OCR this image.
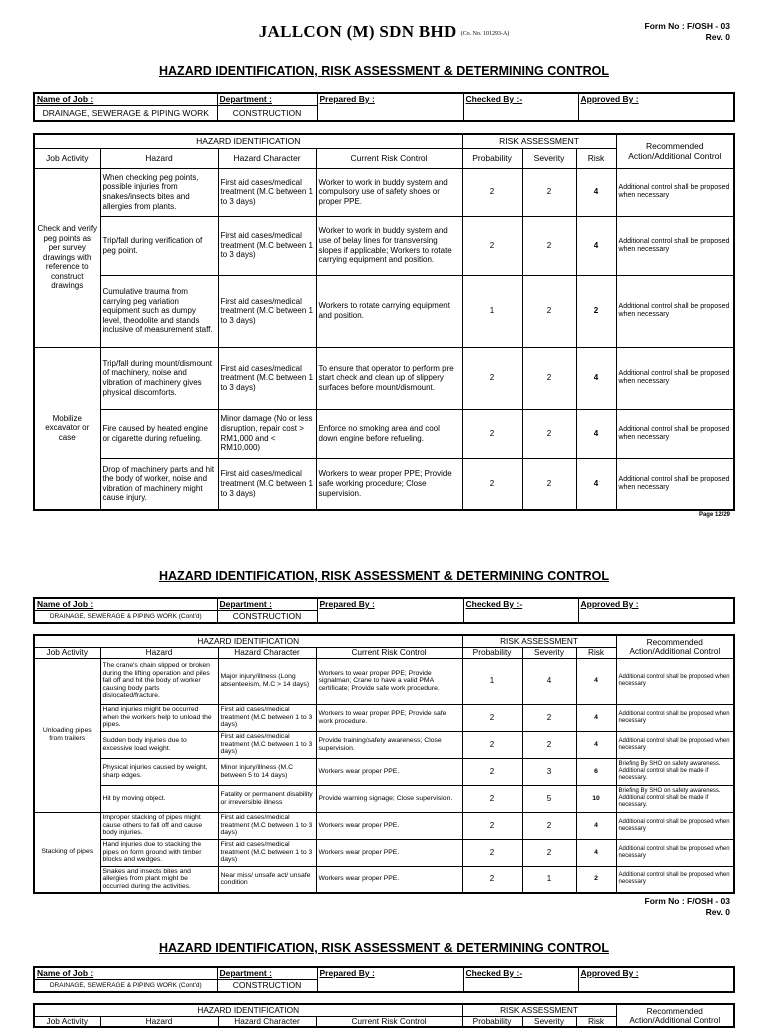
JALLCON (M) SDN BHD (Co. No. 101293-A)
Form No : F/OSH - 03
Rev. 0
HAZARD IDENTIFICATION, RISK ASSESSMENT & DETERMINING CONTROL
Name of Job :	Department :	Prepared By :	Checked By :-	Approved By :
DRAINAGE, SEWERAGE & PIPING WORK	CONSTRUCTION			
HAZARD IDENTIFICATION				RISK ASSESSMENT			Recommended Action/Additional Control
Job Activity	Hazard	Hazard Character	Current Risk Control	Probability	Severity	Risk	
Check and verify peg points as per survey drawings with reference to construct drawings	When checking peg points, possible injuries from snakes/insects bites and allergies from plants.	First aid cases/medical treatment (M.C between 1 to 3 days)	Worker to work in buddy system and compulsory use of safety shoes or proper PPE.	2	2	4	Additional control shall be proposed when necessary
	Trip/fall during verification of peg point.	First aid cases/medical treatment (M.C between 1 to 3 days)	Worker to work in buddy system and use of belay lines for transversing slopes if applicable; Workers to rotate carrying equipment and position.	2	2	4	Additional control shall be proposed when necessary
	Cumulative trauma from carrying peg variation equipment such as dumpy level, theodolite and stands inclusive of measurement staff.	First aid cases/medical treatment (M.C between 1 to 3 days)	Workers to rotate carrying equipment and position.	1	2	2	Additional control shall be proposed when necessary
Mobilize excavator or case	Trip/fall during mount/dismount of machinery, noise and vibration of machinery gives physical discomforts.	First aid cases/medical treatment (M.C between 1 to 3 days)	To ensure that operator to perform pre start check and clean up of slippery surfaces before mount/dismount.	2	2	4	Additional control shall be proposed when necessary
	Fire caused by heated engine or cigarette during refueling.	Minor damage (No or less disruption, repair cost > RM1,000 and < RM10,000)	Enforce no smoking area and cool down engine before refueling.	2	2	4	Additional control shall be proposed when necessary
	Drop of machinery parts and hit the body of worker, noise and vibration of machinery might cause injury.	First aid cases/medical treatment (M.C between 1 to 3 days)	Workers to wear proper PPE; Provide safe working procedure; Close supervision.	2	2	4	Additional control shall be proposed when necessary
Page 12/29
HAZARD IDENTIFICATION, RISK ASSESSMENT & DETERMINING CONTROL
Name of Job :	Department :	Prepared By :	Checked By :-	Approved By :
DRAINAGE, SEWERAGE & PIPING WORK (Cont'd)	CONSTRUCTION			
HAZARD IDENTIFICATION				RISK ASSESSMENT			Recommended Action/Additional Control
Job Activity	Hazard	Hazard Character	Current Risk Control	Probability	Severity	Risk	
Unloading pipes from trailers	The crane's chain slipped or broken during the lifting operation and piles fall off and hit the body of worker causing body parts dislocated/fracture.	Major injury/illness (Long absenteeism, M.C > 14 days)	Workers to wear proper PPE; Provide signalman; Crane to have a valid PMA certificate; Provide safe work procedure.	1	4	4	Additional control shall be proposed when necessary
	Hand injuries might be occurred when the workers help to unload the pipes.	First aid cases/medical treatment (M.C between 1 to 3 days)	Workers to wear proper PPE; Provide safe work procedure.	2	2	4	Additional control shall be proposed when necessary
	Sudden body injuries due to excessive load weight.	First aid cases/medical treatment (M.C between 1 to 3 days)	Provide training/safety awareness; Close supervision.	2	2	4	Additional control shall be proposed when necessary
	Physical injuries caused by weight, sharp edges.	Minor injury/illness (M.C between 5 to 14 days)	Workers wear proper PPE.	2	3	6	Briefing By SHO on safety awareness. Additional control shall be made if necessary.
	Hit by moving object.	Fatality or permanent disability or irreversible illness	Provide warning signage; Close supervision.	2	5	10	Briefing By SHO on safety awareness. Additional control shall be made if necessary.
Stacking of pipes	Improper stacking of pipes might cause others to fall off and cause body injuries.	First aid cases/medical treatment (M.C between 1 to 3 days)	Workers wear proper PPE.	2	2	4	Additional control shall be proposed when necessary
	Hand injuries due to stacking the pipes on form ground with timber blocks and wedges.	First aid cases/medical treatment (M.C between 1 to 3 days)	Workers wear proper PPE.	2	2	4	Additional control shall be proposed when necessary
	Snakes and insects bites and allergies from plant might be occurred during the activities.	Near miss/ unsafe act/ unsafe condition	Workers wear proper PPE.	2	1	2	Additional control shall be proposed when necessary
Form No : F/OSH - 03
Rev. 0
HAZARD IDENTIFICATION, RISK ASSESSMENT & DETERMINING CONTROL
Name of Job :	Department :	Prepared By :	Checked By :-	Approved By :
DRAINAGE, SEWERAGE & PIPING WORK (Cont'd)	CONSTRUCTION			
HAZARD IDENTIFICATION				RISK ASSESSMENT			Recommended Action/Additional Control
Job Activity	Hazard	Hazard Character	Current Risk Control	Probability	Severity	Risk	
